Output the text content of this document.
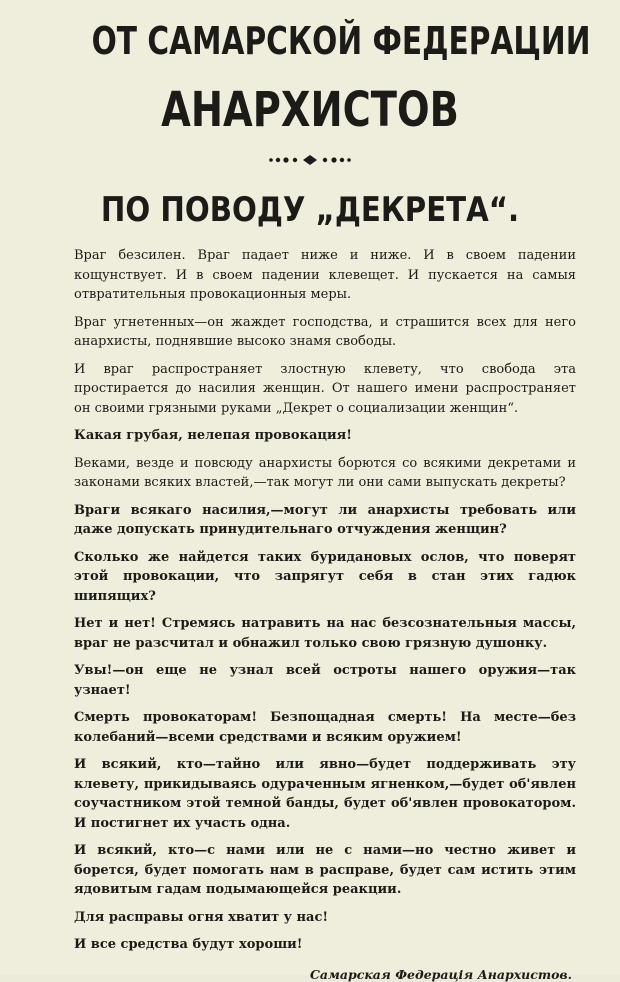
ОТ САМАРСКОЙ ФЕДЕРАЦИИ
АНАРХИСТОВ
ПО ПОВОДУ „ДЕКРЕТА“.

Враг безсилен. Враг падает ниже и ниже. И в своем падении кощунствует. И в своем падении клевещет. И пускается на самыя отвратительныя провокационныя меры.

Враг угнетенных—он жаждет господства, и страшится всех для него анархисты, поднявшие высоко знамя свободы.

И враг распространяет злостную клевету, что свобода эта простирается до насилия женщин. От нашего имени распространяет он своими грязными руками „Декрет о социализации женщин“.

Какая грубая, нелепая провокация!

Веками, везде и повсюду анархисты борются со всякими декретами и законами всяких властей,—так могут ли они сами выпускать декреты?

Враги всякаго насилия,—могут ли анархисты требовать или даже допускать принудительнаго отчуждения женщин?

Сколько же найдется таких буридановых ослов, что поверят этой провокации, что запрягут себя в стан этих гадюк шипящих?

Нет и нет! Стремясь натравить на нас безсознательныя массы, враг не разсчитал и обнажил только свою грязную душонку.

Увы!—он еще не узнал всей остроты нашего оружия—так узнает!

Смерть провокаторам! Безпощадная смерть! На месте—без колебаний—всеми средствами и всяким оружием!

И всякий, кто—тайно или явно—будет поддерживать эту клевету, прикидываясь одураченным ягненком,—будет об'явлен соучастником этой темной банды, будет об'явлен провокатором. И постигнет их участь одна.

И всякий, кто—с нами или не с нами—но честно живет и борется, будет помогать нам в расправе, будет сам истить этим ядовитым гадам подымающейся реакции.

Для расправы огня хватит у нас!

И все средства будут хороши!

Самарская Федерація Анархистов.
